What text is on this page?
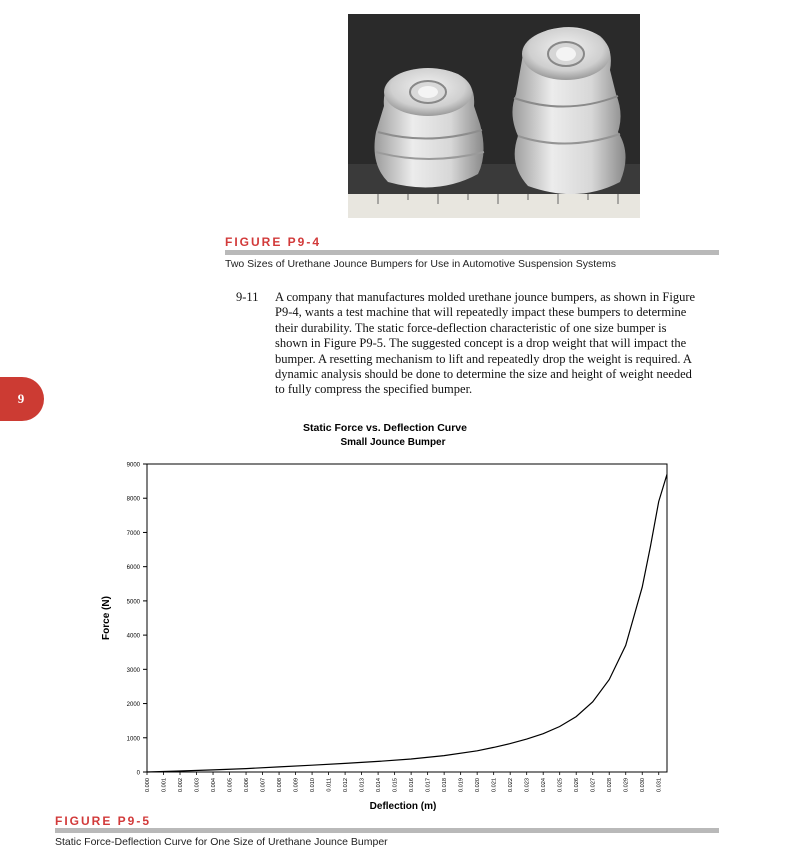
FIGURE P9-4
Two Sizes of Urethane Jounce Bumpers for Use in Automotive Suspension Systems
9-11 A company that manufactures molded urethane jounce bumpers, as shown in Figure
P9-4, wants a test machine that will repeatedly impact these bumpers to determine
their durability. The static force-deflection characteristic of one size bumper is
shown in Figure P9-5. The suggested concept is a drop weight that will impact the
bumper. A resetting mechanism to lift and repeatedly drop the weight is required. A
dynamic analysis should be done to determine the size and height of weight needed
to fully compress the specified bumper.
9
Static Force vs. Deflection Curve
Small Jounce Bumper
0
1000
2000
3000
4000
5000
6000
7000
8000
9000
0.000 0.001 0.002 0.003 0.004 0.005 0.006 0.007 0.008 0.009 0.010 0.011 0.012 0.013 0.014 0.015 0.016 0.017 0.018 0.019 0.020 0.021 0.022 0.023 0.024 0.025 0.026 0.027 0.028 0.029 0.030 0.031
Deflection (m)
Force (N)
FIGURE P9-5
Static Force-Deflection Curve for One Size of Urethane Jounce Bumper
